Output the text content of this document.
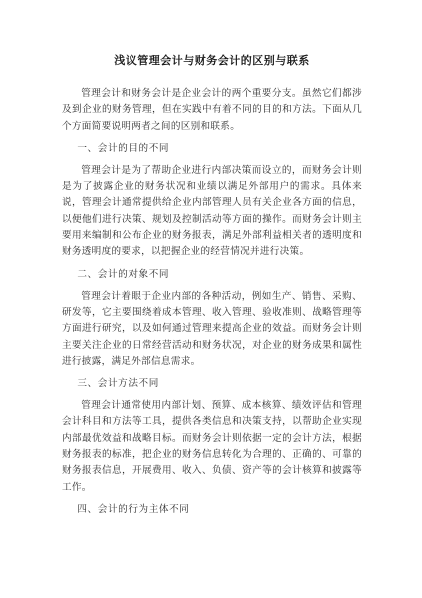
浅议管理会计与财务会计的区别与联系

管理会计和财务会计是企业会计的两个重要分支。虽然它们都涉及到企业的财务管理，但在实践中有着不同的目的和方法。下面从几个方面简要说明两者之间的区别和联系。

一、会计的目的不同

管理会计是为了帮助企业进行内部决策而设立的，而财务会计则是为了披露企业的财务状况和业绩以满足外部用户的需求。具体来说，管理会计通常提供给企业内部管理人员有关企业各方面的信息，以便他们进行决策、规划及控制活动等方面的操作。而财务会计则主要用来编制和公布企业的财务报表，满足外部利益相关者的透明度和财务透明度的要求，以把握企业的经营情况并进行决策。

二、会计的对象不同

管理会计着眼于企业内部的各种活动，例如生产、销售、采购、研发等，它主要围绕着成本管理、收入管理、验收准则、战略管理等方面进行研究，以及如何通过管理来提高企业的效益。而财务会计则主要关注企业的日常经营活动和财务状况，对企业的财务成果和属性进行披露，满足外部信息需求。

三、会计方法不同

管理会计通常使用内部计划、预算、成本核算、绩效评估和管理会计科目和方法等工具，提供各类信息和决策支持，以帮助企业实现内部最优效益和战略目标。而财务会计则依据一定的会计方法，根据财务报表的标准，把企业的财务信息转化为合理的、正确的、可靠的财务报表信息，开展费用、收入、负债、资产等的会计核算和披露等工作。

四、会计的行为主体不同
